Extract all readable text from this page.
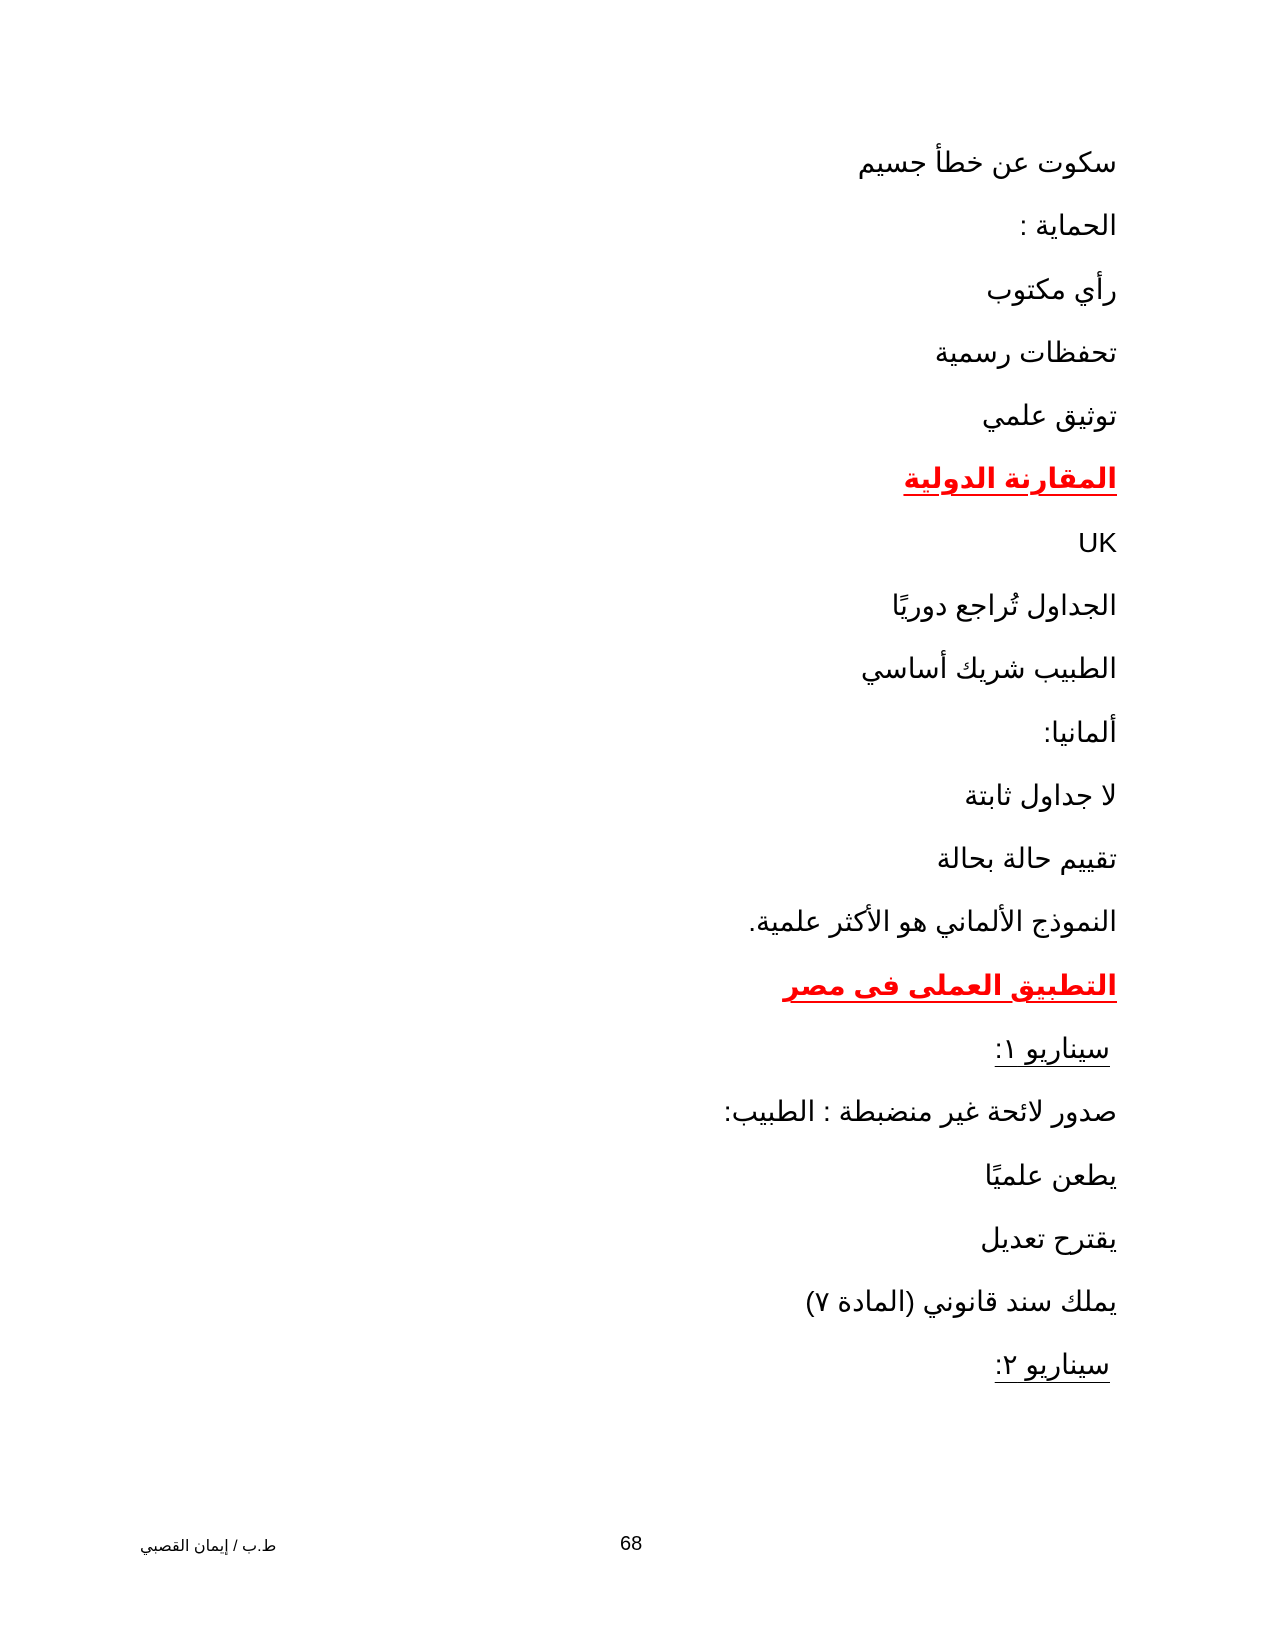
سكوت عن خطأ جسيم
الحماية :
رأي مكتوب
تحفظات رسمية
توثيق علمي
المقارنة الدولية
UK
الجداول تُراجع دوريًا
الطبيب شريك أساسي
ألمانيا:
لا جداول ثابتة
تقييم حالة بحالة
النموذج الألماني هو الأكثر علمية.
التطبيق العملى فى مصر
سيناريو ١:
صدور لائحة غير منضبطة : الطبيب:
يطعن علميًا
يقترح تعديل
يملك سند قانوني (المادة ٧)
سيناريو ٢:
ط.ب / إيمان القصبي	68
